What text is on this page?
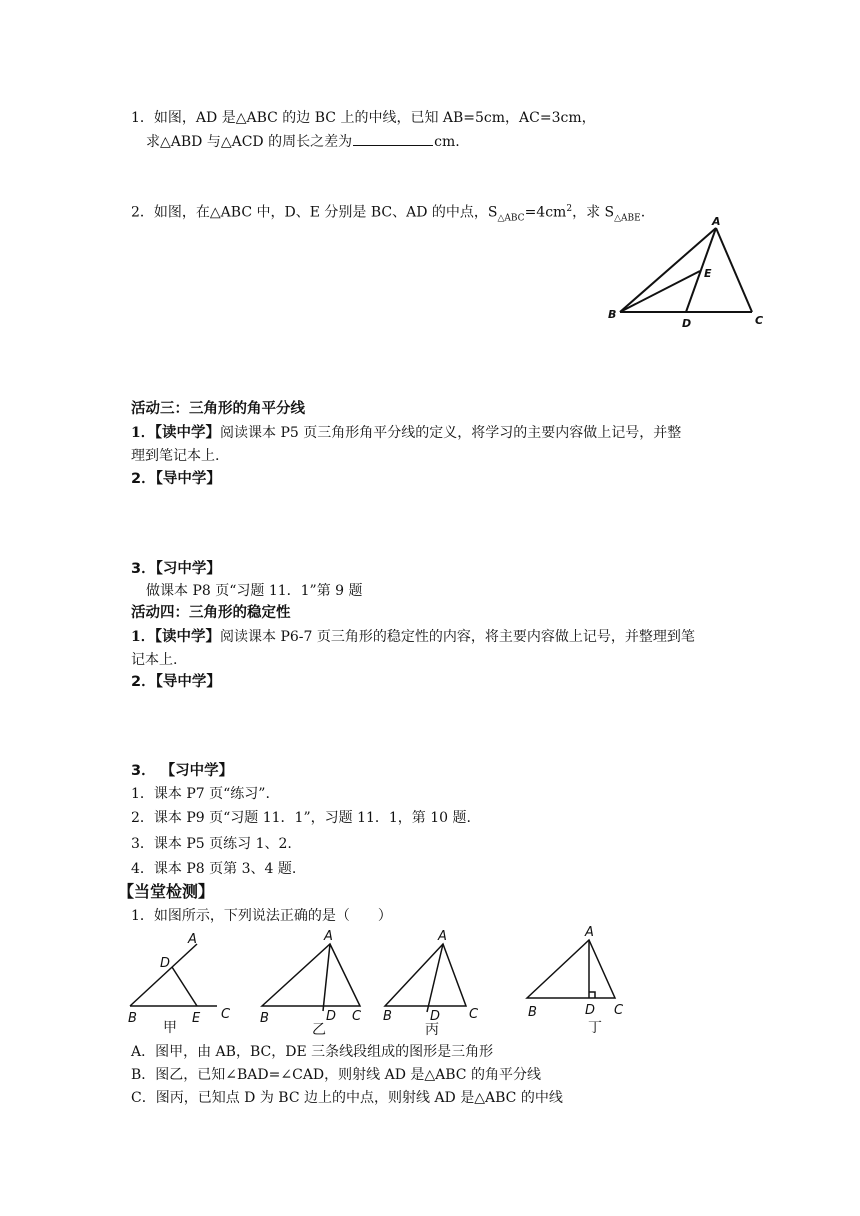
1．如图，AD 是△ABC 的边 BC 上的中线，已知 AB=5cm，AC=3cm，
求△ABD 与△ACD 的周长之差为	cm.
2．如图，在△ABC 中，D、E 分别是 BC、AD 的中点，$S_{\triangle ABC}=4cm^2$，求 $S_{\triangle ABE}$.
A
B	C
D
E
活动三：三角形的角平分线
1．【读中学】阅读课本 P5 页三角形角平分线的定义，将学习的主要内容做上记号，并整
理到笔记本上.
2．【导中学】
3．【习中学】
做课本 P8 页“习题 11．1”第 9 题
活动四：三角形的稳定性
1．【读中学】阅读课本 P6-7 页三角形的稳定性的内容，将主要内容做上记号，并整理到笔
记本上.
2．【导中学】
3． 【习中学】
1．课本 P7 页“练习”.
2．课本 P9 页“习题 11．1”，习题 11．1，第 10 题.
3．课本 P5 页练习 1、2.
4．课本 P8 页第 3、4 题.
【当堂检测】
1．如图所示，下列说法正确的是（　　）
A
D
B	E C
甲
A
B	D C
乙
A
B	D C
丙
A
B	D C
丁
A．图甲，由 AB，BC，DE 三条线段组成的图形是三角形
B．图乙，已知∠BAD=∠CAD，则射线 AD 是△ABC 的角平分线
C．图丙，已知点 D 为 BC 边上的中点，则射线 AD 是△ABC 的中线
